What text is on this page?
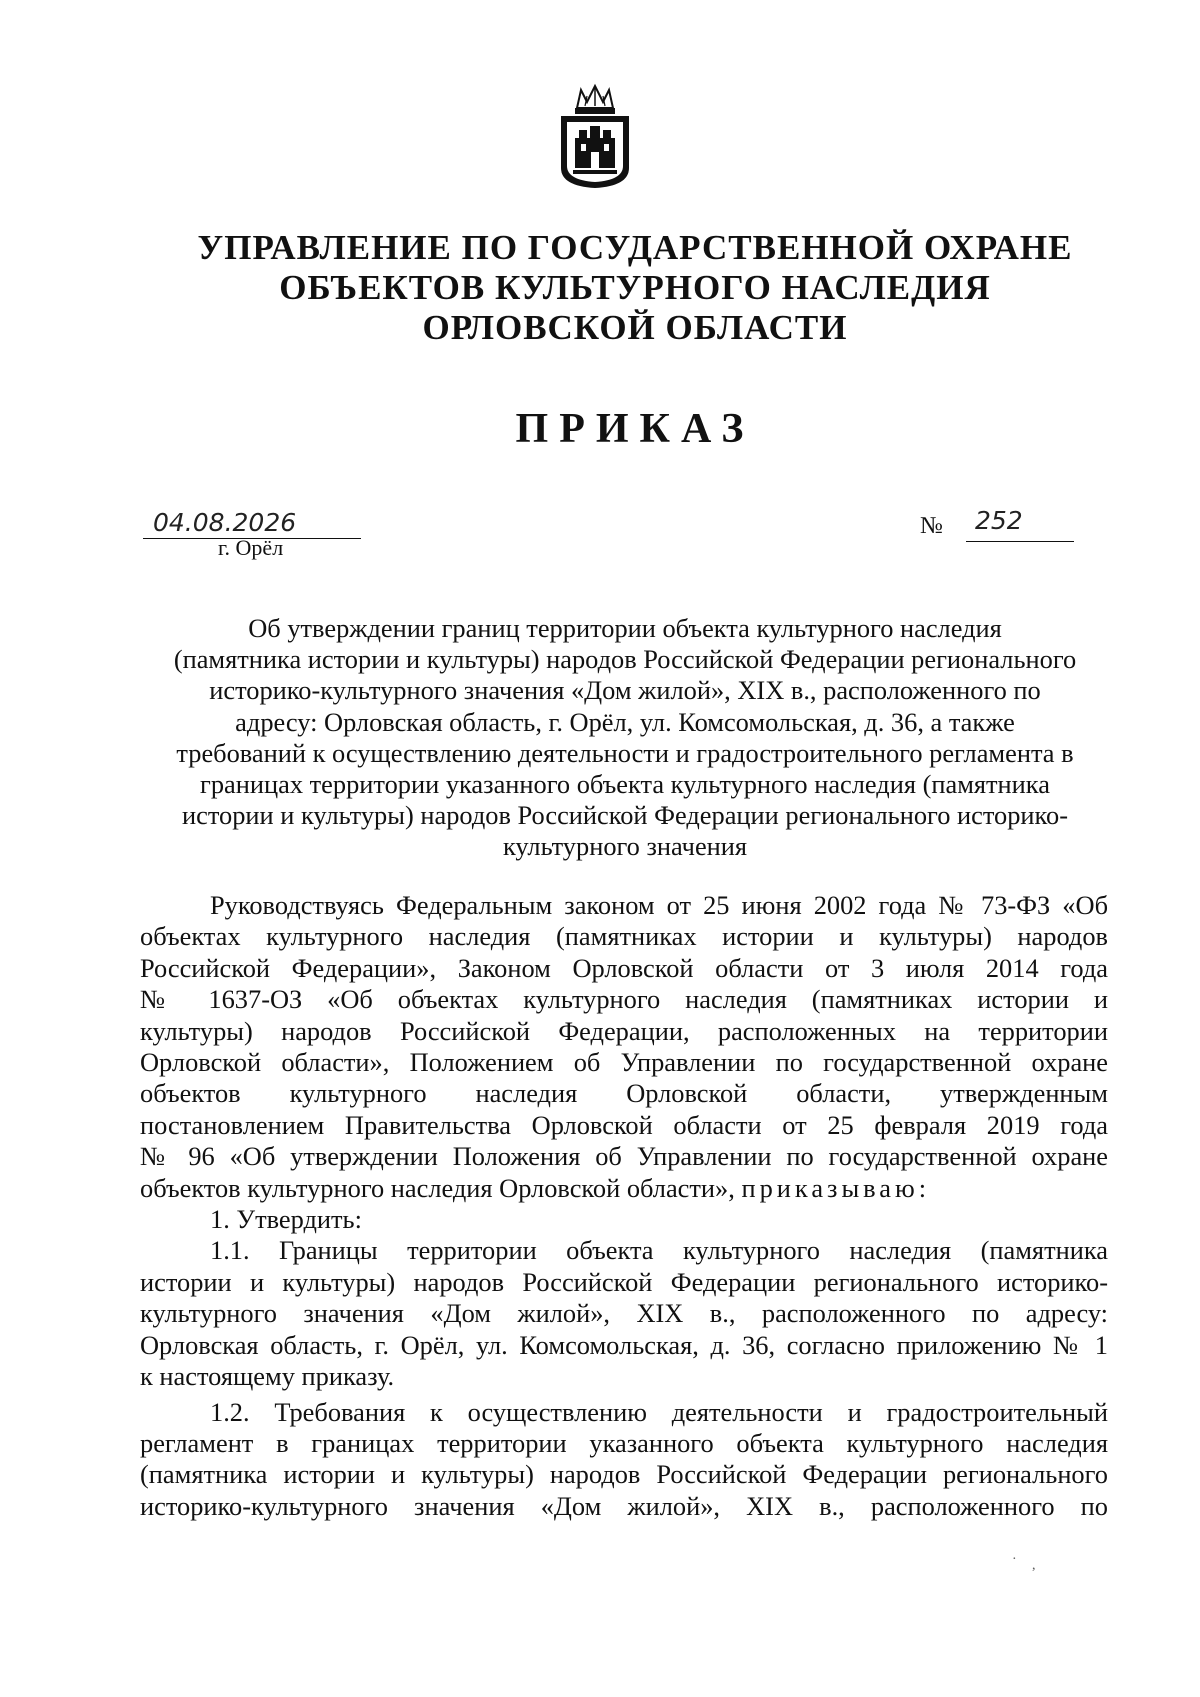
УПРАВЛЕНИЕ ПО ГОСУДАРСТВЕННОЙ ОХРАНЕ
ОБЪЕКТОВ КУЛЬТУРНОГО НАСЛЕДИЯ
ОРЛОВСКОЙ ОБЛАСТИ
ПРИКАЗ
04.08.2026
г. Орёл
№ 252
Об утверждении границ территории объекта культурного наследия
(памятника истории и культуры) народов Российской Федерации регионального
историко-культурного значения «Дом жилой», XIX в., расположенного по
адресу: Орловская область, г. Орёл, ул. Комсомольская, д. 36, а также
требований к осуществлению деятельности и градостроительного регламента в
границах территории указанного объекта культурного наследия (памятника
истории и культуры) народов Российской Федерации регионального историко-
культурного значения
Руководствуясь Федеральным законом от 25 июня 2002 года № 73-ФЗ «Об
объектах культурного наследия (памятниках истории и культуры) народов
Российской Федерации», Законом Орловской области от 3 июля 2014 года
№ 1637-ОЗ «Об объектах культурного наследия (памятниках истории и
культуры) народов Российской Федерации, расположенных на территории
Орловской области», Положением об Управлении по государственной охране
объектов культурного наследия Орловской области, утвержденным
постановлением Правительства Орловской области от 25 февраля 2019 года
№ 96 «Об утверждении Положения об Управлении по государственной охране
объектов культурного наследия Орловской области», приказываю:
1. Утвердить:
1.1. Границы территории объекта культурного наследия (памятника
истории и культуры) народов Российской Федерации регионального историко-
культурного значения «Дом жилой», XIX в., расположенного по адресу:
Орловская область, г. Орёл, ул. Комсомольская, д. 36, согласно приложению № 1
к настоящему приказу.
1.2. Требования к осуществлению деятельности и градостроительный
регламент в границах территории указанного объекта культурного наследия
(памятника истории и культуры) народов Российской Федерации регионального
историко-культурного значения «Дом жилой», XIX в., расположенного по
· ,
